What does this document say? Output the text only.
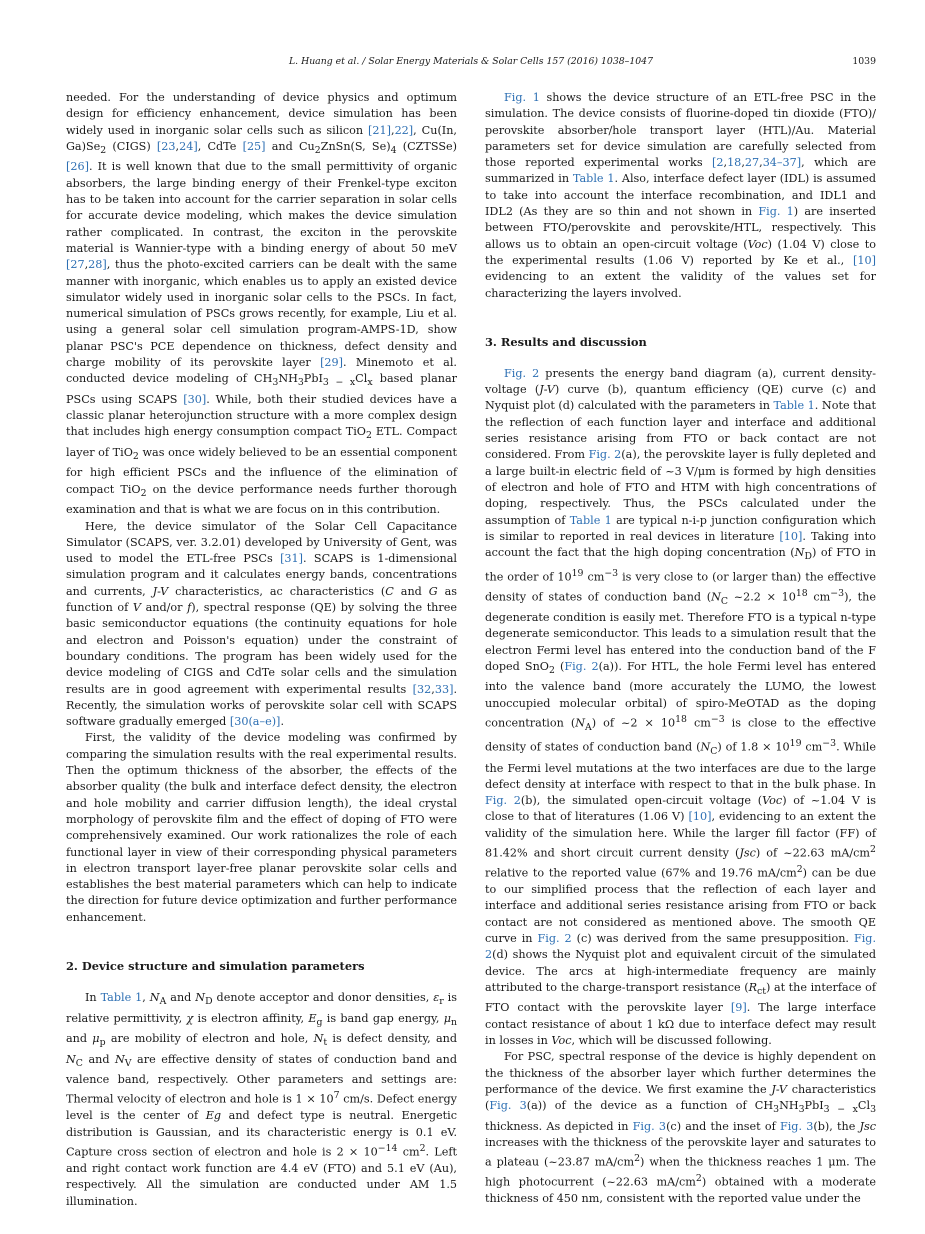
L. Huang et al. / Solar Energy Materials & Solar Cells 157 (2016) 1038–1047	1039

needed. For the understanding of device physics and optimum design for efficiency enhancement, device simulation has been widely used in inorganic solar cells such as silicon [21],22], Cu(In, $Ga)Se_2$ (CIGS) [23,24], CdTe [25] and $Cu_2ZnSn(S$, $Se)_4$ (CZTSSe) [26]. It is well known that due to the small permittivity of organic absorbers, the large binding energy of their Frenkel-type exciton has to be taken into account for the carrier separation in solar cells for accurate device modeling, which makes the device simulation rather complicated. In contrast, the exciton in the perovskite material is Wannier-type with a binding energy of about 50 meV [27,28], thus the photo-excited carriers can be dealt with the same manner with inorganic, which enables us to apply an existed device simulator widely used in inorganic solar cells to the PSCs. In fact, numerical simulation of PSCs grows recently, for example, Liu et al. using a general solar cell simulation program-AMPS-1D, show planar PSC's PCE dependence on thickness, defect density and charge mobility of its perovskite layer [29]. Minemoto et al. conducted device modeling of $CH_3NH_3PbI_{3 - x}Cl_x$ based planar PSCs using SCAPS [30]. While, both their studied devices have a classic planar heterojunction structure with a more complex design that includes high energy consumption compact TiO$_2$ ETL. Compact layer of TiO$_2$ was once widely believed to be an essential component for high efficient PSCs and the influence of the elimination of compact TiO$_2$ on the device performance needs further thorough examination and that is what we are focus on in this contribution.

Here, the device simulator of the Solar Cell Capacitance Simulator (SCAPS, ver. 3.2.01) developed by University of Gent, was used to model the ETL-free PSCs [31]. SCAPS is 1-dimensional simulation program and it calculates energy bands, concentrations and currents, J-V characteristics, ac characteristics (C and G as function of V and/or f), spectral response (QE) by solving the three basic semiconductor equations (the continuity equations for hole and electron and Poisson's equation) under the constraint of boundary conditions. The program has been widely used for the device modeling of CIGS and CdTe solar cells and the simulation results are in good agreement with experimental results [32,33]. Recently, the simulation works of perovskite solar cell with SCAPS software gradually emerged [30(a–e)].

First, the validity of the device modeling was confirmed by comparing the simulation results with the real experimental results. Then the optimum thickness of the absorber, the effects of the absorber quality (the bulk and interface defect density, the electron and hole mobility and carrier diffusion length), the ideal crystal morphology of perovskite film and the effect of doping of FTO were comprehensively examined. Our work rationalizes the role of each functional layer in view of their corresponding physical parameters in electron transport layer-free planar perovskite solar cells and establishes the best material parameters which can help to indicate the direction for future device optimization and further performance enhancement.

2. Device structure and simulation parameters

In Table 1, $N_A$ and $N_D$ denote acceptor and donor densities, $\varepsilon_r$ is relative permittivity, χ is electron affinity, $E_g$ is band gap energy, $\mu_n$ and $\mu_p$ are mobility of electron and hole, $N_t$ is defect density, and $N_C$ and $N_V$ are effective density of states of conduction band and valence band, respectively. Other parameters and settings are: Thermal velocity of electron and hole is $1 \times 10^7$ cm/s. Defect energy level is the center of Eg and defect type is neutral. Energetic distribution is Gaussian, and its characteristic energy is 0.1 eV. Capture cross section of electron and hole is $2 \times 10^{-14}$ $cm^2$. Left and right contact work function are 4.4 eV (FTO) and 5.1 eV (Au), respectively. All the simulation are conducted under AM 1.5 illumination.

Fig. 1 shows the device structure of an ETL-free PSC in the simulation. The device consists of fluorine-doped tin dioxide (FTO)/ perovskite absorber/hole transport layer (HTL)/Au. Material parameters set for device simulation are carefully selected from those reported experimental works [2,18,27,34–37], which are summarized in Table 1. Also, interface defect layer (IDL) is assumed to take into account the interface recombination, and IDL1 and IDL2 (As they are so thin and not shown in Fig. 1) are inserted between FTO/perovskite and perovskite/HTL, respectively. This allows us to obtain an open-circuit voltage (Voc) (1.04 V) close to the experimental results (1.06 V) reported by Ke et al., [10] evidencing to an extent the validity of the values set for characterizing the layers involved.

3. Results and discussion

Fig. 2 presents the energy band diagram (a), current density-voltage (J-V) curve (b), quantum efficiency (QE) curve (c) and Nyquist plot (d) calculated with the parameters in Table 1. Note that the reflection of each function layer and interface and additional series resistance arising from FTO or back contact are not considered. From Fig. 2(a), the perovskite layer is fully depleted and a large built-in electric field of ~3 V/μm is formed by high densities of electron and hole of FTO and HTM with high concentrations of doping, respectively. Thus, the PSCs calculated under the assumption of Table 1 are typical n-i-p junction configuration which is similar to reported in real devices in literature [10]. Taking into account the fact that the high doping concentration $(N_D)$ of FTO in the order of $10^{19}$ $cm^{-3}$ is very close to (or larger than) the effective density of states of conduction band ($N_C$ ~2.2 × $10^{18}$ $cm^{-3}$), the degenerate condition is easily met. Therefore FTO is a typical n-type degenerate semiconductor. This leads to a simulation result that the electron Fermi level has entered into the conduction band of the F doped SnO$_2$ (Fig. 2(a)). For HTL, the hole Fermi level has entered into the valence band (more accurately the LUMO, the lowest unoccupied molecular orbital) of spiro-MeOTAD as the doping concentration $(N_A)$ of ~2 × $10^{18}$ $cm^{-3}$ is close to the effective density of states of conduction band $(N_C)$ of $1.8 \times 10^{19}$ $cm^{-3}$. While the Fermi level mutations at the two interfaces are due to the large defect density at interface with respect to that in the bulk phase. In Fig. 2(b), the simulated open-circuit voltage (Voc) of ~1.04 V is close to that of literatures (1.06 V) [10], evidencing to an extent the validity of the simulation here. While the larger fill factor (FF) of 81.42% and short circuit current density (Jsc) of ~22.63 $mA/cm^2$ relative to the reported value (67% and 19.76 $mA/cm^2$) can be due to our simplified process that the reflection of each layer and interface and additional series resistance arising from FTO or back contact are not considered as mentioned above. The smooth QE curve in Fig. 2 (c) was derived from the same presupposition. Fig. 2(d) shows the Nyquist plot and equivalent circuit of the simulated device. The arcs at high-intermediate frequency are mainly attributed to the charge-transport resistance $(R_{ct})$ at the interface of FTO contact with the perovskite layer [9]. The large interface contact resistance of about 1 kΩ due to interface defect may result in losses in Voc, which will be discussed following.

For PSC, spectral response of the device is highly dependent on the thickness of the absorber layer which further determines the performance of the device. We first examine the J-V characteristics (Fig. 3(a)) of the device as a function of $CH_3NH_3PbI_{3 - x}Cl_3$ thickness. As depicted in Fig. 3(c) and the inset of Fig. 3(b), the Jsc increases with the thickness of the perovskite layer and saturates to a plateau (~23.87 $mA/cm^2$) when the thickness reaches 1 μm. The high photocurrent (~22.63 $mA/cm^2$) obtained with a moderate thickness of 450 nm, consistent with the reported value under the
